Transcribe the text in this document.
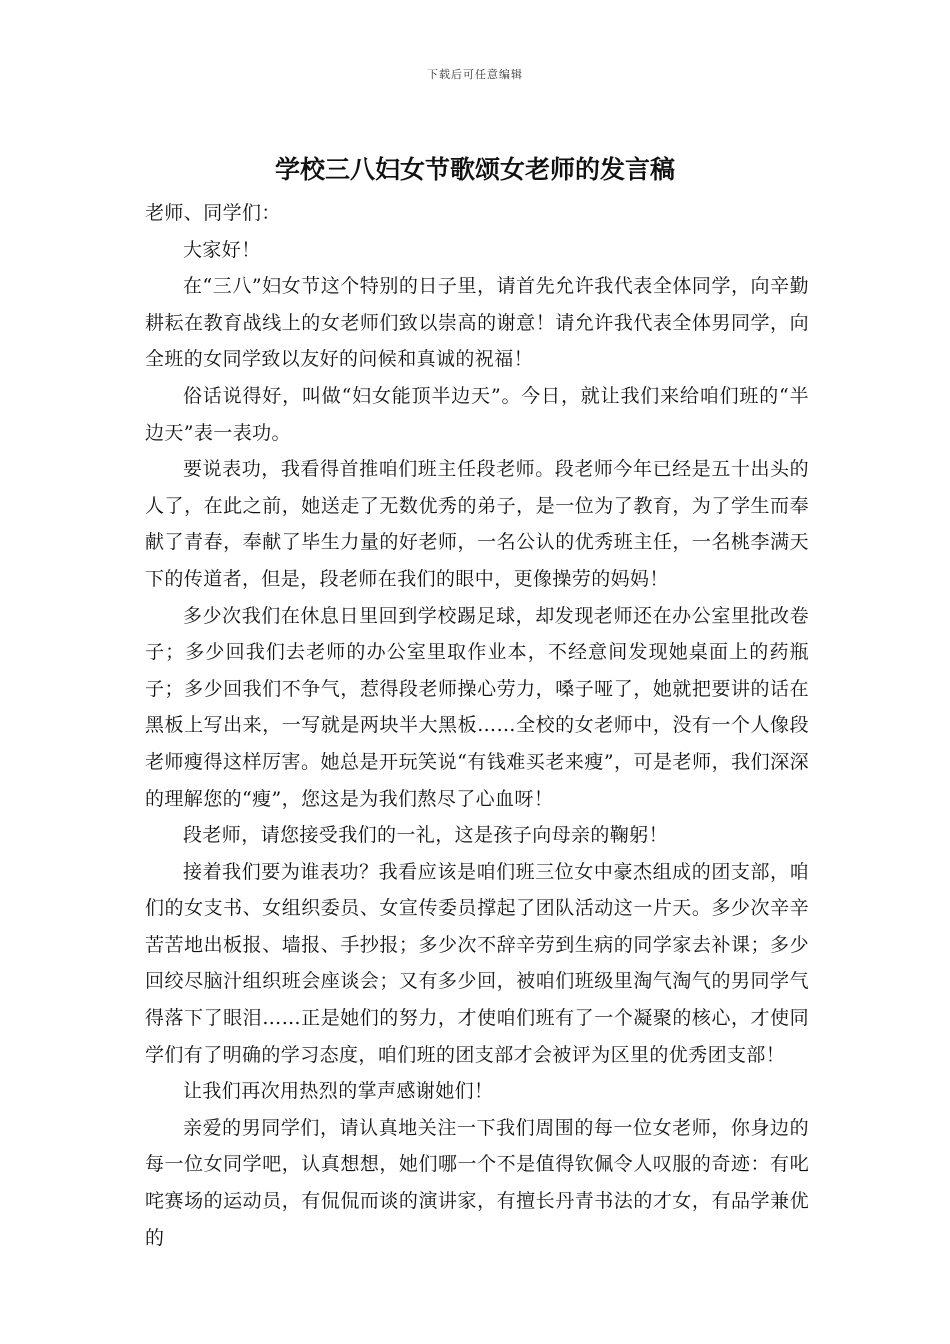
下载后可任意编辑
学校三八妇女节歌颂女老师的发言稿

老师、同学们：

大家好！

在“三八”妇女节这个特别的日子里，请首先允许我代表全体同学，向辛勤耕耘在教育战线上的女老师们致以崇高的谢意！请允许我代表全体男同学，向全班的女同学致以友好的问候和真诚的祝福！

俗话说得好，叫做“妇女能顶半边天”。今日，就让我们来给咱们班的“半边天”表一表功。

要说表功，我看得首推咱们班主任段老师。段老师今年已经是五十出头的人了，在此之前，她送走了无数优秀的弟子，是一位为了教育，为了学生而奉献了青春，奉献了毕生力量的好老师，一名公认的优秀班主任，一名桃李满天下的传道者，但是，段老师在我们的眼中，更像操劳的妈妈！

多少次我们在休息日里回到学校踢足球，却发现老师还在办公室里批改卷子；多少回我们去老师的办公室里取作业本，不经意间发现她桌面上的药瓶子；多少回我们不争气，惹得段老师操心劳力，嗓子哑了，她就把要讲的话在黑板上写出来，一写就是两块半大黑板……全校的女老师中，没有一个人像段老师瘦得这样厉害。她总是开玩笑说“有钱难买老来瘦”，可是老师，我们深深的理解您的“瘦”，您这是为我们熬尽了心血呀！

段老师，请您接受我们的一礼，这是孩子向母亲的鞠躬！

接着我们要为谁表功？我看应该是咱们班三位女中豪杰组成的团支部，咱们的女支书、女组织委员、女宣传委员撑起了团队活动这一片天。多少次辛辛苦苦地出板报、墙报、手抄报；多少次不辞辛劳到生病的同学家去补课；多少回绞尽脑汁组织班会座谈会；又有多少回，被咱们班级里淘气淘气的男同学气得落下了眼泪……正是她们的努力，才使咱们班有了一个凝聚的核心，才使同学们有了明确的学习态度，咱们班的团支部才会被评为区里的优秀团支部！

让我们再次用热烈的掌声感谢她们！

亲爱的男同学们，请认真地关注一下我们周围的每一位女老师，你身边的每一位女同学吧，认真想想，她们哪一个不是值得钦佩令人叹服的奇迹：有叱咤赛场的运动员，有侃侃而谈的演讲家，有擅长丹青书法的才女，有品学兼优的
